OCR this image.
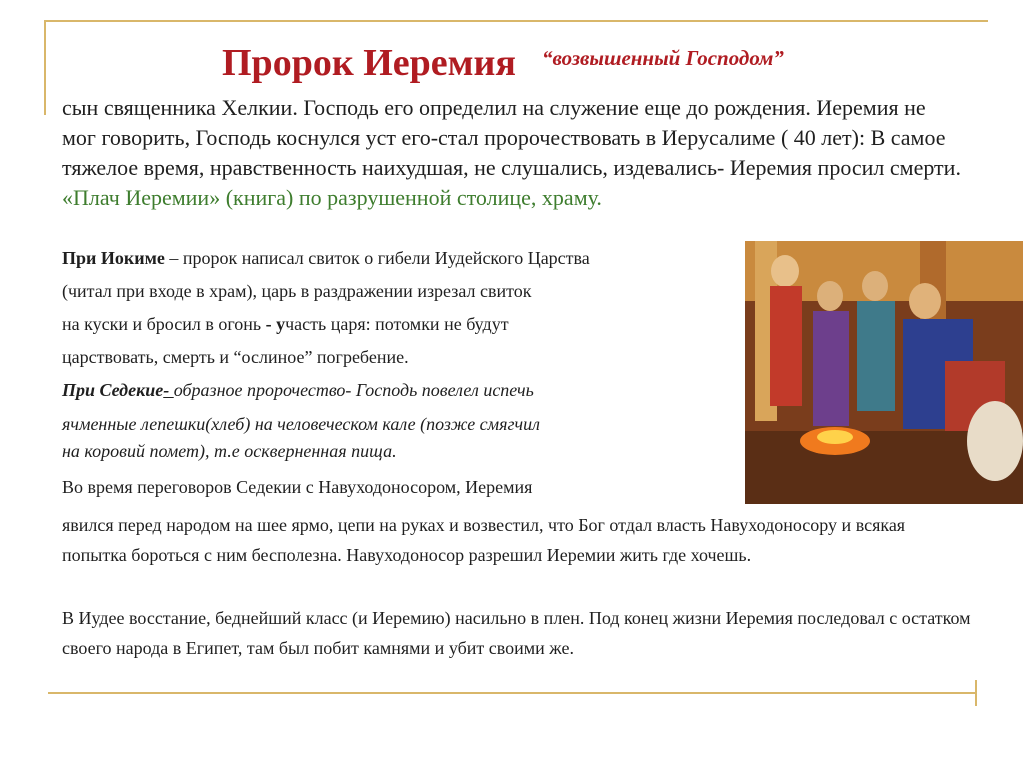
Пророк Иеремия “возвышенный Господом”
сын священника Хелкии. Господь его определил на служение еще до рождения. Иеремия не мог говорить, Господь коснулся уст его-стал пророчествовать в Иерусалиме ( 40 лет): В самое тяжелое время, нравственность наихудшая, не слушались, издевались- Иеремия просил смерти. «Плач Иеремии» (книга) по разрушенной столице, храму.
При Иокиме – пророк написал свиток о гибели Иудейского Царства
(читал при входе в храм), царь в раздражении изрезал свиток
на куски и бросил в огонь - участь царя: потомки не будут
царствовать, смерть и “ослиное” погребение.
При Седекие- образное пророчество- Господь повелел испечь
ячменные лепешки(хлеб) на человеческом кале (позже смягчил
на коровий помет), т.е оскверненная пища.
Во время переговоров Седекии с Навуходоносором, Иеремия
явился перед народом на шее ярмо, цепи на руках и возвестил, что Бог отдал власть Навуходоносору и всякая попытка бороться с ним бесполезна. Навуходоносор разрешил Иеремии жить где хочешь.
В Иудее восстание, беднейший класс (и Иеремию) насильно в плен. Под конец жизни Иеремия последовал с остатком своего народа в Египет, там был побит камнями и убит своими же.
